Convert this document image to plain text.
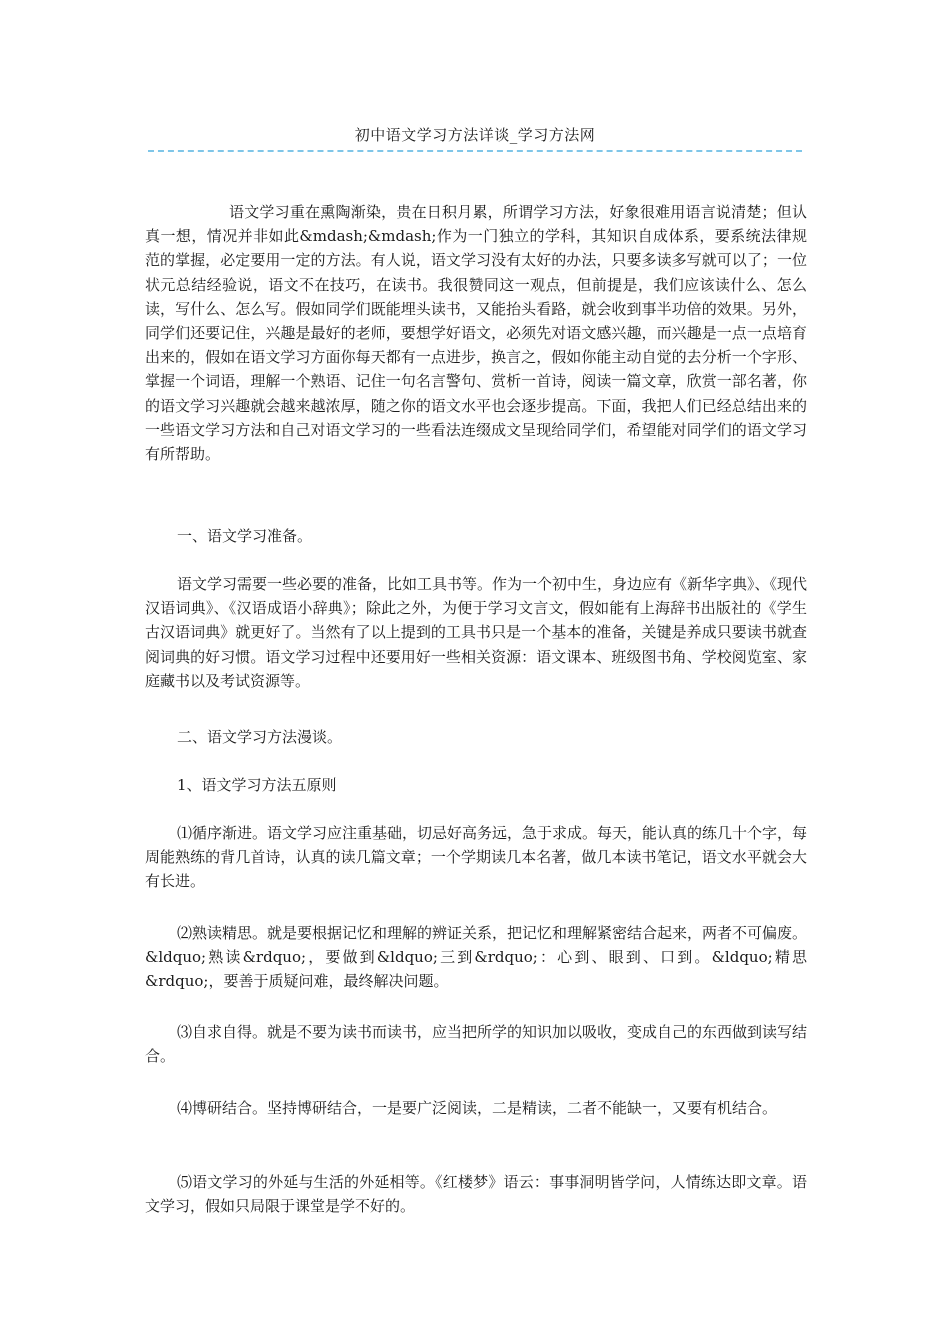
初中语文学习方法详谈_学习方法网
语文学习重在熏陶渐染，贵在日积月累，所谓学习方法，好象很难用语言说清楚；但认真一想，情况并非如此&mdash;&mdash;作为一门独立的学科，其知识自成体系，要系统法律规范的掌握，必定要用一定的方法。有人说，语文学习没有太好的办法，只要多读多写就可以了；一位状元总结经验说，语文不在技巧，在读书。我很赞同这一观点，但前提是，我们应该读什么、怎么读，写什么、怎么写。假如同学们既能埋头读书，又能抬头看路，就会收到事半功倍的效果。另外，同学们还要记住，兴趣是最好的老师，要想学好语文，必须先对语文感兴趣，而兴趣是一点一点培育出来的，假如在语文学习方面你每天都有一点进步，换言之，假如你能主动自觉的去分析一个字形、掌握一个词语，理解一个熟语、记住一句名言警句、赏析一首诗，阅读一篇文章，欣赏一部名著，你的语文学习兴趣就会越来越浓厚，随之你的语文水平也会逐步提高。下面，我把人们已经总结出来的一些语文学习方法和自己对语文学习的一些看法连缀成文呈现给同学们，希望能对同学们的语文学习有所帮助。
一、语文学习准备。
语文学习需要一些必要的准备，比如工具书等。作为一个初中生，身边应有《新华字典》、《现代汉语词典》、《汉语成语小辞典》；除此之外，为便于学习文言文，假如能有上海辞书出版社的《学生古汉语词典》就更好了。当然有了以上提到的工具书只是一个基本的准备，关键是养成只要读书就查阅词典的好习惯。语文学习过程中还要用好一些相关资源：语文课本、班级图书角、学校阅览室、家庭藏书以及考试资源等。
二、语文学习方法漫谈。
1、语文学习方法五原则
⑴循序渐进。语文学习应注重基础，切忌好高务远，急于求成。每天，能认真的练几十个字，每周能熟练的背几首诗，认真的读几篇文章；一个学期读几本名著，做几本读书笔记，语文水平就会大有长进。
⑵熟读精思。就是要根据记忆和理解的辨证关系，把记忆和理解紧密结合起来，两者不可偏废。&ldquo;熟读&rdquo;，要做到&ldquo;三到&rdquo;：心到、眼到、口到。&ldquo;精思&rdquo;，要善于质疑问难，最终解决问题。
⑶自求自得。就是不要为读书而读书，应当把所学的知识加以吸收，变成自己的东西做到读写结合。
⑷博研结合。坚持博研结合，一是要广泛阅读，二是精读，二者不能缺一，又要有机结合。
⑸语文学习的外延与生活的外延相等。《红楼梦》语云：事事洞明皆学问，人情练达即文章。语文学习，假如只局限于课堂是学不好的。
